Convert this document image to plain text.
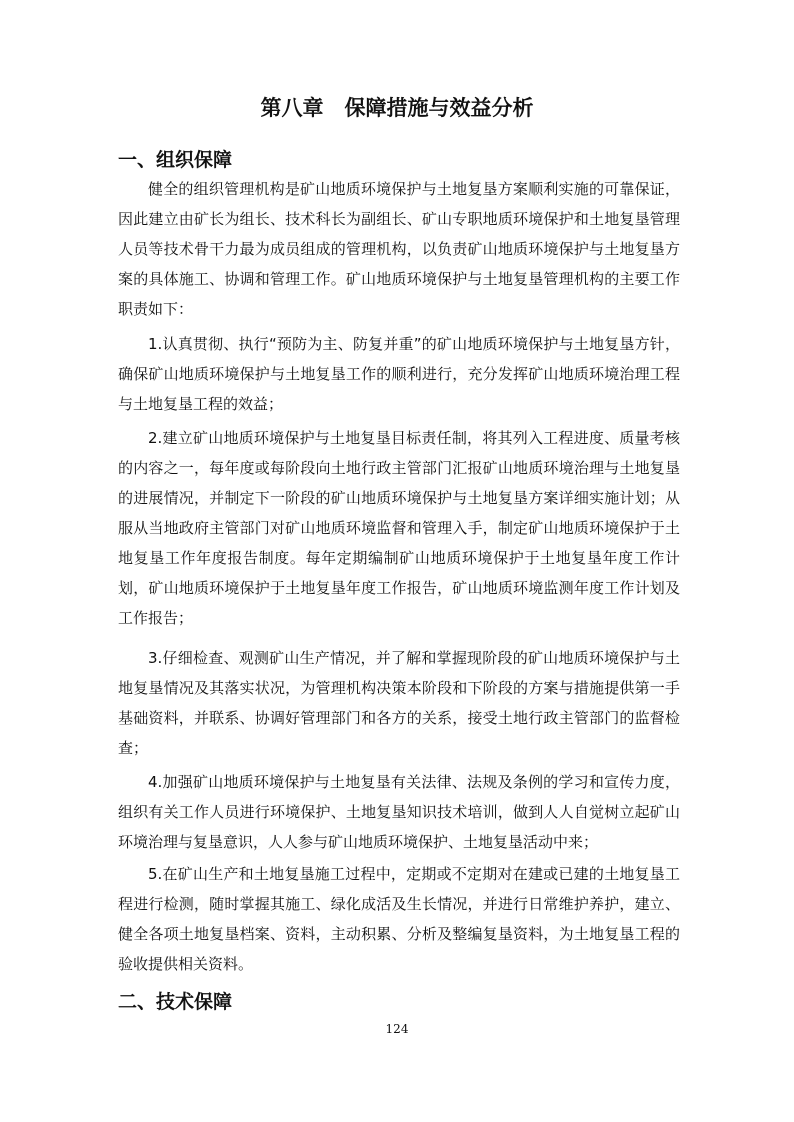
第八章　保障措施与效益分析
一、组织保障

健全的组织管理机构是矿山地质环境保护与土地复垦方案顺利实施的可靠保证，因此建立由矿长为组长、技术科长为副组长、矿山专职地质环境保护和土地复垦管理人员等技术骨干力最为成员组成的管理机构，以负责矿山地质环境保护与土地复垦方案的具体施工、协调和管理工作。矿山地质环境保护与土地复垦管理机构的主要工作职责如下：

1.认真贯彻、执行“预防为主、防复并重”的矿山地质环境保护与土地复垦方针，确保矿山地质环境保护与土地复垦工作的顺利进行，充分发挥矿山地质环境治理工程与土地复垦工程的效益；

2.建立矿山地质环境保护与土地复垦目标责任制，将其列入工程进度、质量考核的内容之一，每年度或每阶段向土地行政主管部门汇报矿山地质环境治理与土地复垦的进展情况，并制定下一阶段的矿山地质环境保护与土地复垦方案详细实施计划；从服从当地政府主管部门对矿山地质环境监督和管理入手，制定矿山地质环境保护于土地复垦工作年度报告制度。每年定期编制矿山地质环境保护于土地复垦年度工作计划，矿山地质环境保护于土地复垦年度工作报告，矿山地质环境监测年度工作计划及工作报告；

3.仔细检查、观测矿山生产情况，并了解和掌握现阶段的矿山地质环境保护与土地复垦情况及其落实状况，为管理机构决策本阶段和下阶段的方案与措施提供第一手基础资料，并联系、协调好管理部门和各方的关系，接受土地行政主管部门的监督检查；

4.加强矿山地质环境保护与土地复垦有关法律、法规及条例的学习和宣传力度，组织有关工作人员进行环境保护、土地复垦知识技术培训，做到人人自觉树立起矿山环境治理与复垦意识，人人参与矿山地质环境保护、土地复垦活动中来；

5.在矿山生产和土地复垦施工过程中，定期或不定期对在建或已建的土地复垦工程进行检测，随时掌握其施工、绿化成活及生长情况，并进行日常维护养护，建立、健全各项土地复垦档案、资料，主动积累、分析及整编复垦资料，为土地复垦工程的验收提供相关资料。

二、技术保障
124
